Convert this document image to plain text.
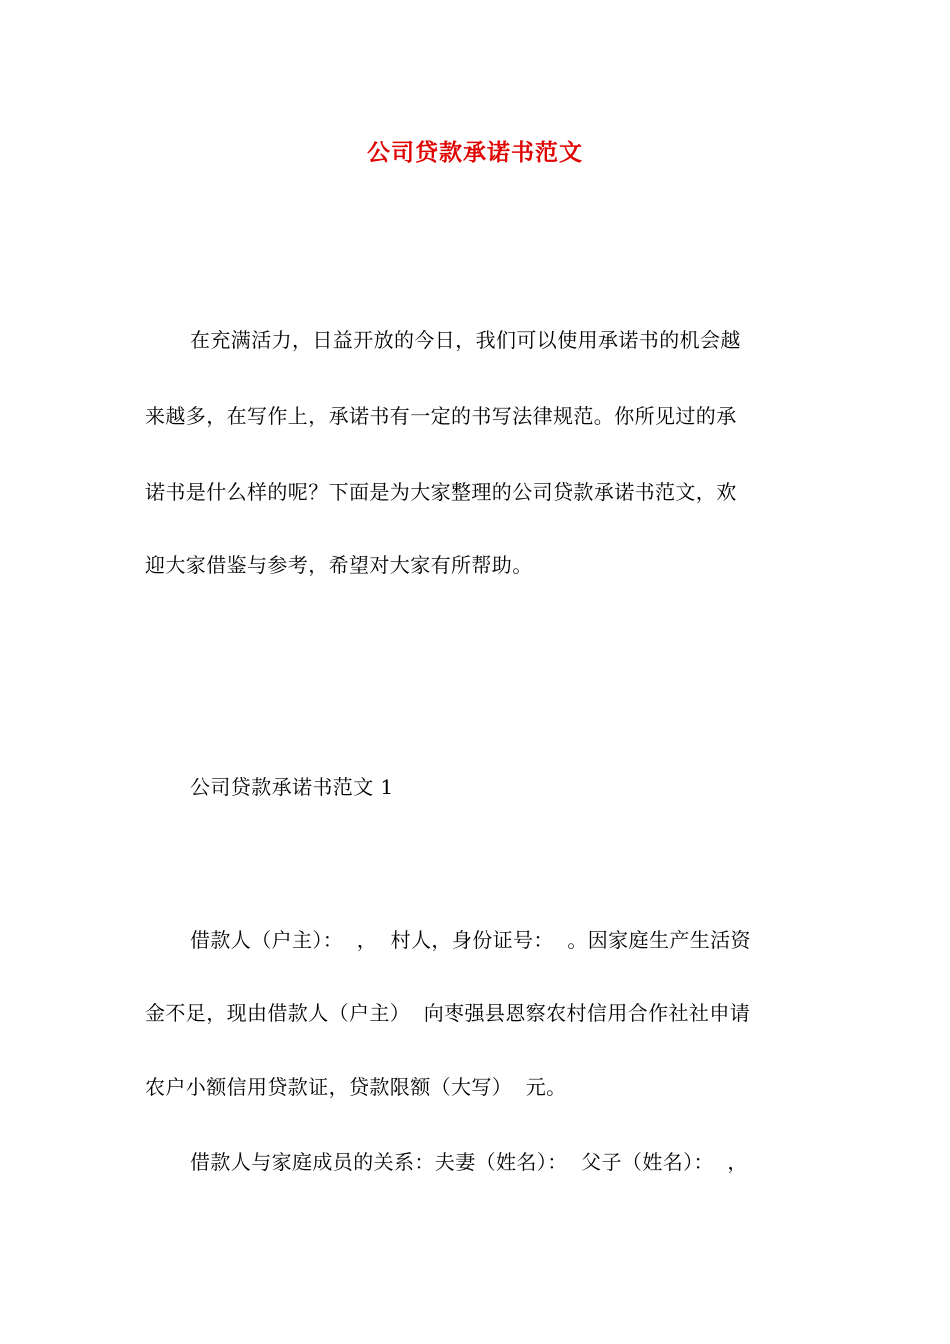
公司贷款承诺书范文
在充满活力，日益开放的今日，我们可以使用承诺书的机会越
来越多，在写作上，承诺书有一定的书写法律规范。你所见过的承
诺书是什么样的呢？下面是为大家整理的公司贷款承诺书范文，欢
迎大家借鉴与参考，希望对大家有所帮助。
公司贷款承诺书范文 1
借款人（户主）：  ，  村人，身份证号：  。因家庭生产生活资
金不足，现由借款人（户主）  向枣强县恩察农村信用合作社社申请
农户小额信用贷款证，贷款限额（大写）  元。
借款人与家庭成员的关系：夫妻（姓名）：  父子（姓名）：  ，
